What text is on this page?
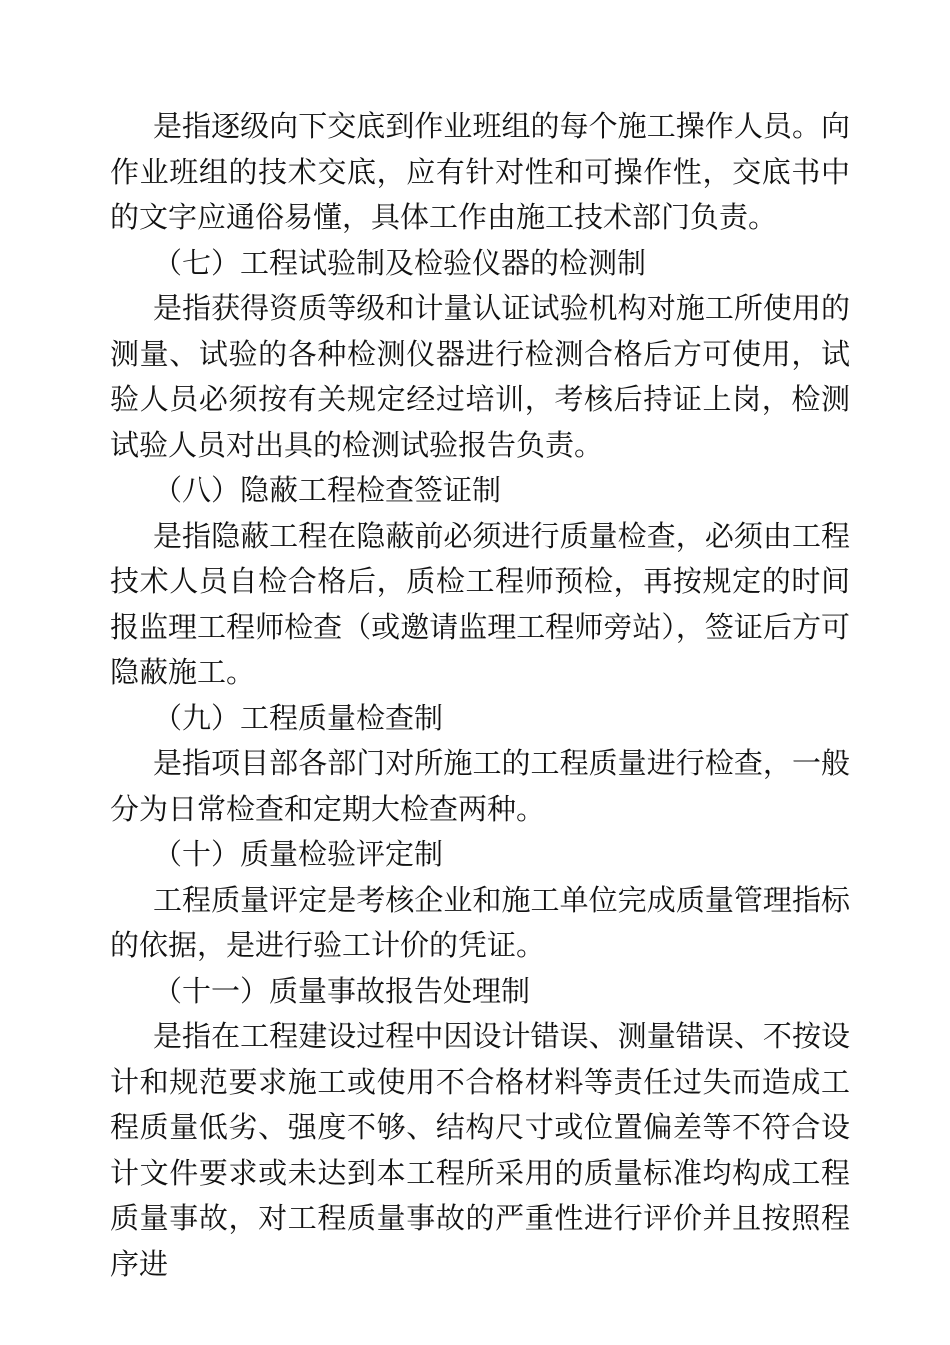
是指逐级向下交底到作业班组的每个施工操作人员。向作业班组的技术交底，应有针对性和可操作性，交底书中的文字应通俗易懂，具体工作由施工技术部门负责。

（七）工程试验制及检验仪器的检测制

是指获得资质等级和计量认证试验机构对施工所使用的测量、试验的各种检测仪器进行检测合格后方可使用，试验人员必须按有关规定经过培训，考核后持证上岗，检测试验人员对出具的检测试验报告负责。

（八）隐蔽工程检查签证制

是指隐蔽工程在隐蔽前必须进行质量检查，必须由工程技术人员自检合格后，质检工程师预检，再按规定的时间报监理工程师检查（或邀请监理工程师旁站），签证后方可隐蔽施工。

（九）工程质量检查制

是指项目部各部门对所施工的工程质量进行检查，一般分为日常检查和定期大检查两种。

（十）质量检验评定制

工程质量评定是考核企业和施工单位完成质量管理指标的依据，是进行验工计价的凭证。

（十一）质量事故报告处理制

是指在工程建设过程中因设计错误、测量错误、不按设计和规范要求施工或使用不合格材料等责任过失而造成工程质量低劣、强度不够、结构尺寸或位置偏差等不符合设计文件要求或未达到本工程所采用的质量标准均构成工程质量事故，对工程质量事故的严重性进行评价并且按照程序进
